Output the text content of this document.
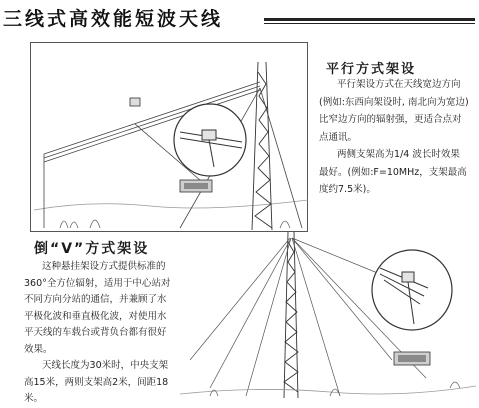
三线式高效能短波天线
平行方式架设

平行架设方式在天线宽边方向(例如:东西向架设时, 南北向为宽边)比窄边方向的辐射强，更适合点对点通讯。

两侧支架高为1/4 波长时效果最好。(例如:F=10MHz，支架最高度约7.5米)。

倒“V”方式架设

这种悬挂架设方式提供标准的360°全方位辐射，适用于中心站对不同方向分站的通信，并兼顾了水平极化波和垂直极化波，对使用水平天线的车载台或背负台都有很好效果。

天线长度为30米时，中央支架高15米，两则支架高2米，间距18米。
